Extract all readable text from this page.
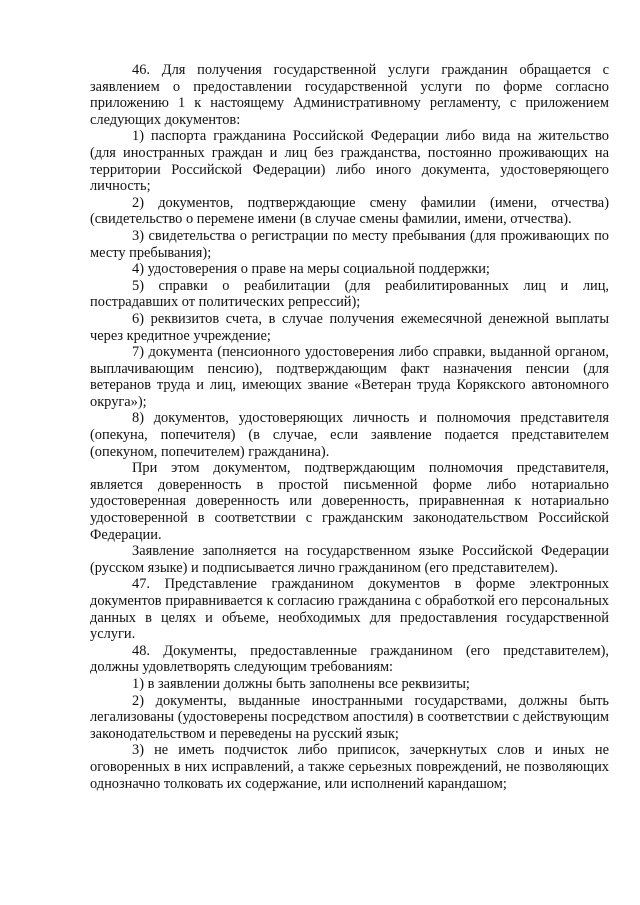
46. Для получения государственной услуги гражданин обращается с заявлением о предоставлении государственной услуги по форме согласно приложению 1 к настоящему Административному регламенту, с приложением следующих документов:

1) паспорта гражданина Российской Федерации либо вида на жительство (для иностранных граждан и лиц без гражданства, постоянно проживающих на территории Российской Федерации) либо иного документа, удостоверяющего личность;

2) документов, подтверждающие смену фамилии (имени, отчества) (свидетельство о перемене имени (в случае смены фамилии, имени, отчества).

3) свидетельства о регистрации по месту пребывания (для проживающих по месту пребывания);

4) удостоверения о праве на меры социальной поддержки;

5) справки о реабилитации (для реабилитированных лиц и лиц, пострадавших от политических репрессий);

6) реквизитов счета, в случае получения ежемесячной денежной выплаты через кредитное учреждение;

7) документа (пенсионного удостоверения либо справки, выданной органом, выплачивающим пенсию), подтверждающим факт назначения пенсии (для ветеранов труда и лиц, имеющих звание «Ветеран труда Корякского автономного округа»);

8) документов, удостоверяющих личность и полномочия представителя (опекуна, попечителя) (в случае, если заявление подается представителем (опекуном, попечителем) гражданина).

При этом документом, подтверждающим полномочия представителя, является доверенность в простой письменной форме либо нотариально удостоверенная доверенность или доверенность, приравненная к нотариально удостоверенной в соответствии с гражданским законодательством Российской Федерации.

Заявление заполняется на государственном языке Российской Федерации (русском языке) и подписывается лично гражданином (его представителем).

47. Представление гражданином документов в форме электронных документов приравнивается к согласию гражданина с обработкой его персональных данных в целях и объеме, необходимых для предоставления государственной услуги.

48. Документы, предоставленные гражданином (его представителем), должны удовлетворять следующим требованиям:

1) в заявлении должны быть заполнены все реквизиты;

2) документы, выданные иностранными государствами, должны быть легализованы (удостоверены посредством апостиля) в соответствии с действующим законодательством и переведены на русский язык;

3) не иметь подчисток либо приписок, зачеркнутых слов и иных не оговоренных в них исправлений, а также серьезных повреждений, не позволяющих однозначно толковать их содержание, или исполнений карандашом;
